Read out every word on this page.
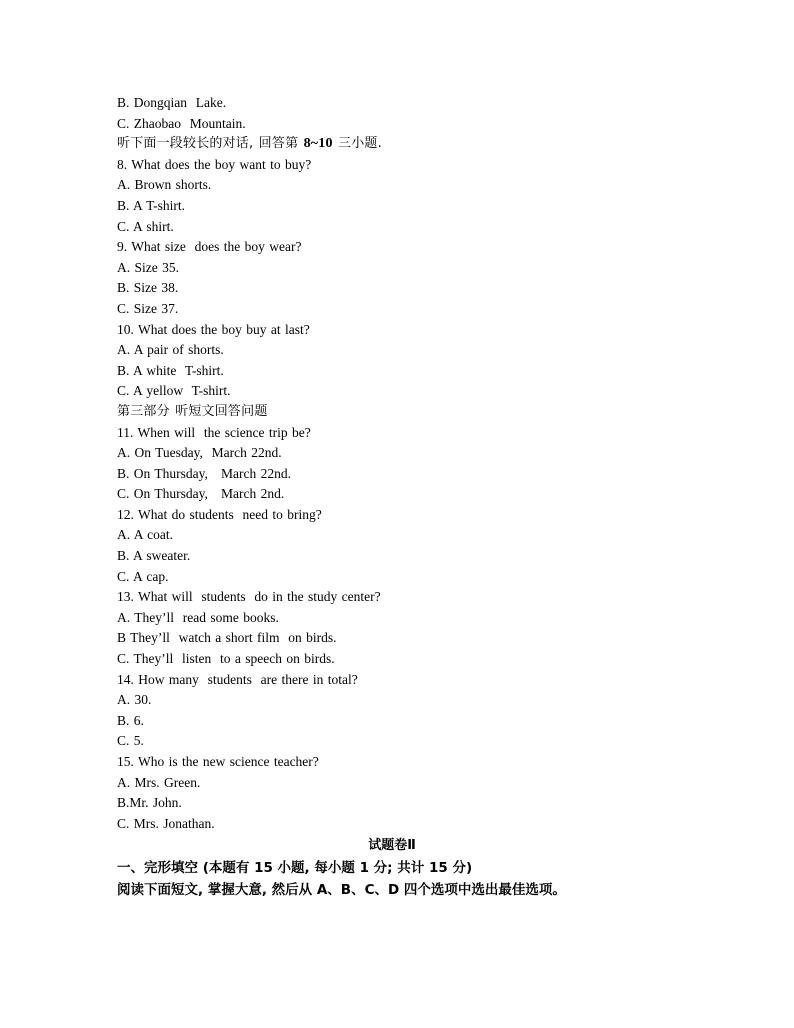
B. Dongqian  Lake.
C. Zhaobao  Mountain.
听下面一段较长的对话, 回答第 8~10 三小题.
8. What does the boy want to buy?
A. Brown shorts.
B. A T-shirt.
C. A shirt.
9. What size  does the boy wear?
A. Size 35.
B. Size 38.
C. Size 37.
10. What does the boy buy at last?
A. A pair of shorts.
B. A white  T-shirt.
C. A yellow  T-shirt.
第三部分 听短文回答问题
11. When will  the science trip be?
A. On Tuesday,  March 22nd.
B. On Thursday,   March 22nd.
C. On Thursday,   March 2nd.
12. What do students  need to bring?
A. A coat.
B. A sweater.
C. A cap.
13. What will  students  do in the study center?
A. They’ll  read some books.
B They’ll  watch a short film  on birds.
C. They’ll  listen  to a speech on birds.
14. How many  students  are there in total?
A. 30.
B. 6.
C. 5.
15. Who is the new science teacher?
A. Mrs. Green.
B.Mr. John.
C. Mrs. Jonathan.
试题卷Ⅱ
一、完形填空 (本题有 15 小题, 每小题 1 分; 共计 15 分)
阅读下面短文, 掌握大意, 然后从 A、B、C、D 四个选项中选出最佳选项。
